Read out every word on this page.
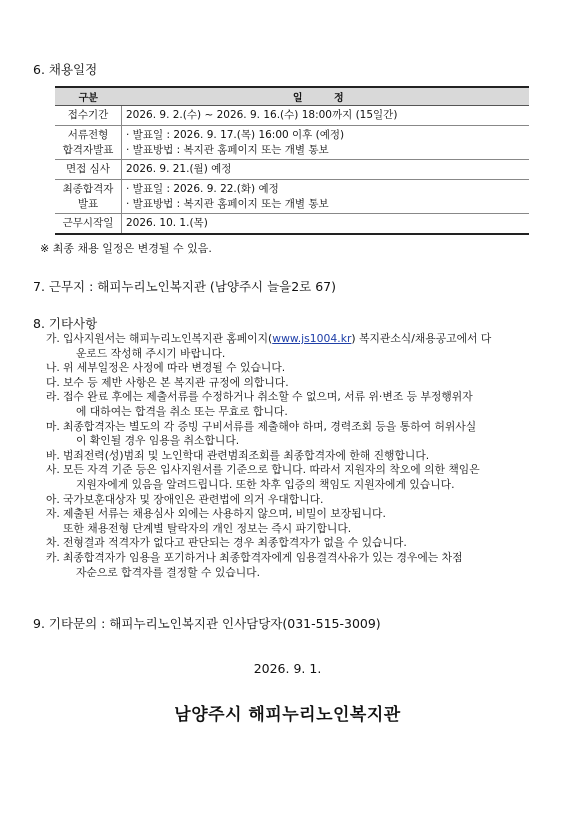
6. 채용일정
구분	일 정
접수기간	2026. 9. 2.(수) ~ 2026. 9. 16.(수) 18:00까지 (15일간)
서류전형
합격자발표	· 발표일 : 2026. 9. 17.(목) 16:00 이후 (예정)
· 발표방법 : 복지관 홈페이지 또는 개별 통보
면접 심사	2026. 9. 21.(월) 예정
최종합격자
발표	· 발표일 : 2026. 9. 22.(화) 예정
· 발표방법 : 복지관 홈페이지 또는 개별 통보
근무시작일	2026. 10. 1.(목)
※ 최종 채용 일정은 변경될 수 있음.
7. 근무지 : 해피누리노인복지관 (남양주시 늘을2로 67)
8. 기타사항
가. 입사지원서는 해피누리노인복지관 홈페이지(www.js1004.kr) 복지관소식/채용공고에서 다
운로드 작성해 주시기 바랍니다.
나. 위 세부일정은 사정에 따라 변경될 수 있습니다.
다. 보수 등 제반 사항은 본 복지관 규정에 의합니다.
라. 접수 완료 후에는 제출서류를 수정하거나 취소할 수 없으며, 서류 위·변조 등 부정행위자
에 대하여는 합격을 취소 또는 무효로 합니다.
마. 최종합격자는 별도의 각 증빙 구비서류를 제출해야 하며, 경력조회 등을 통하여 허위사실
이 확인될 경우 임용을 취소합니다.
바. 범죄전력(성)범죄 및 노인학대 관련범죄조회를 최종합격자에 한해 진행합니다.
사. 모든 자격 기준 등은 입사지원서를 기준으로 합니다. 따라서 지원자의 착오에 의한 책임은
지원자에게 있음을 알려드립니다. 또한 차후 입증의 책임도 지원자에게 있습니다.
아. 국가보훈대상자 및 장애인은 관련법에 의거 우대합니다.
자. 제출된 서류는 채용심사 외에는 사용하지 않으며, 비밀이 보장됩니다.
또한 채용전형 단계별 탈락자의 개인 정보는 즉시 파기합니다.
차. 전형결과 적격자가 없다고 판단되는 경우 최종합격자가 없을 수 있습니다.
카. 최종합격자가 임용을 포기하거나 최종합격자에게 임용결격사유가 있는 경우에는 차점
자순으로 합격자를 결정할 수 있습니다.
9. 기타문의 : 해피누리노인복지관 인사담당자(031-515-3009)
2026. 9. 1.
남양주시 해피누리노인복지관
